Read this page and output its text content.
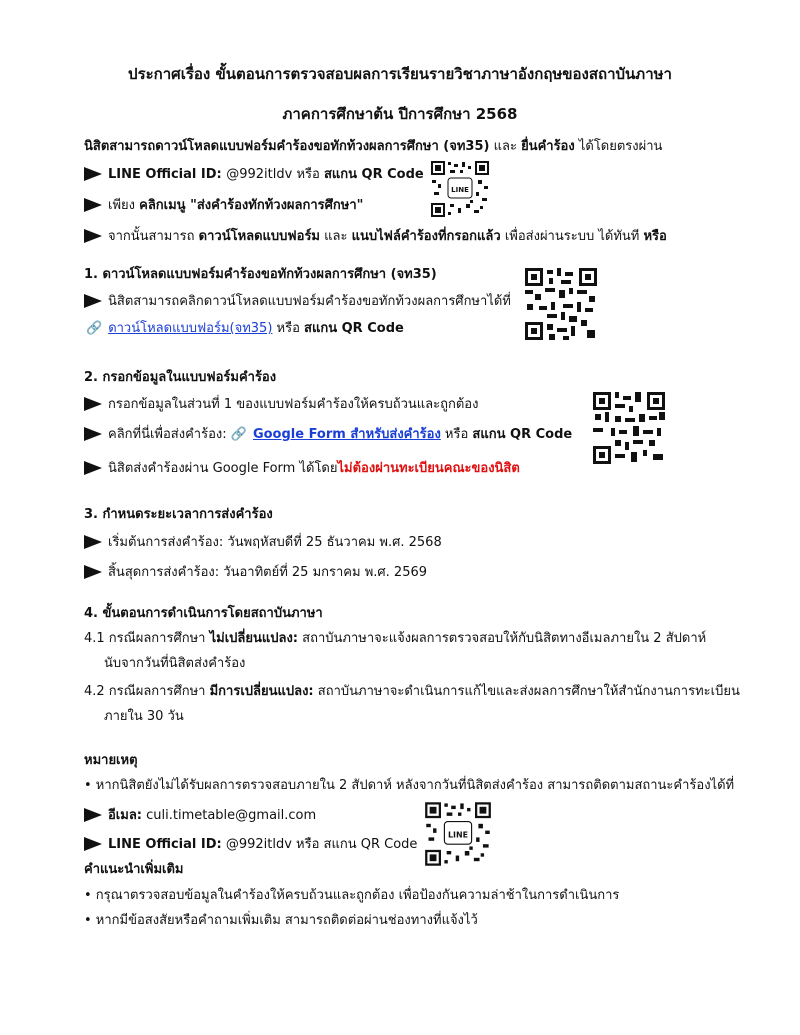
ประกาศเรื่อง ขั้นตอนการตรวจสอบผลการเรียนรายวิชาภาษาอังกฤษของสถาบันภาษา
ภาคการศึกษาต้น ปีการศึกษา 2568
นิสิตสามารถดาวน์โหลดแบบฟอร์มคำร้องขอทักท้วงผลการศึกษา (จท35) และ ยื่นคำร้อง ได้โดยตรงผ่าน
LINE Official ID: @992itldv หรือ สแกน QR Code
เพียง คลิกเมนู "ส่งคำร้องทักท้วงผลการศึกษา"
จากนั้นสามารถ ดาวน์โหลดแบบฟอร์ม และ แนบไฟล์คำร้องที่กรอกแล้ว เพื่อส่งผ่านระบบ ได้ทันที หรือ
LINE
1. ดาวน์โหลดแบบฟอร์มคำร้องขอทักท้วงผลการศึกษา (จท35)
นิสิตสามารถคลิกดาวน์โหลดแบบฟอร์มคำร้องขอทักท้วงผลการศึกษาได้ที่
🔗 ดาวน์โหลดแบบฟอร์ม(จท35) หรือ สแกน QR Code
2. กรอกข้อมูลในแบบฟอร์มคำร้อง
กรอกข้อมูลในส่วนที่ 1 ของแบบฟอร์มคำร้องให้ครบถ้วนและถูกต้อง
คลิกที่นี่เพื่อส่งคำร้อง: 🔗 Google Form สำหรับส่งคำร้อง หรือ สแกน QR Code
นิสิตส่งคำร้องผ่าน Google Form ได้โดยไม่ต้องผ่านทะเบียนคณะของนิสิต
3. กำหนดระยะเวลาการส่งคำร้อง
เริ่มต้นการส่งคำร้อง: วันพฤหัสบดีที่ 25 ธันวาคม พ.ศ. 2568
สิ้นสุดการส่งคำร้อง: วันอาทิตย์ที่ 25 มกราคม พ.ศ. 2569
4. ขั้นตอนการดำเนินการโดยสถาบันภาษา
4.1 กรณีผลการศึกษา ไม่เปลี่ยนแปลง: สถาบันภาษาจะแจ้งผลการตรวจสอบให้กับนิสิตทางอีเมลภายใน 2 สัปดาห์
นับจากวันที่นิสิตส่งคำร้อง
4.2 กรณีผลการศึกษา มีการเปลี่ยนแปลง: สถาบันภาษาจะดำเนินการแก้ไขและส่งผลการศึกษาให้สำนักงานการทะเบียน
ภายใน 30 วัน
หมายเหตุ
• หากนิสิตยังไม่ได้รับผลการตรวจสอบภายใน 2 สัปดาห์ หลังจากวันที่นิสิตส่งคำร้อง สามารถติดตามสถานะคำร้องได้ที่
อีเมล: culi.timetable@gmail.com
LINE Official ID: @992itldv หรือ สแกน QR Code
LINE
คำแนะนำเพิ่มเติม
• กรุณาตรวจสอบข้อมูลในคำร้องให้ครบถ้วนและถูกต้อง เพื่อป้องกันความล่าช้าในการดำเนินการ
• หากมีข้อสงสัยหรือคำถามเพิ่มเติม สามารถติดต่อผ่านช่องทางที่แจ้งไว้
